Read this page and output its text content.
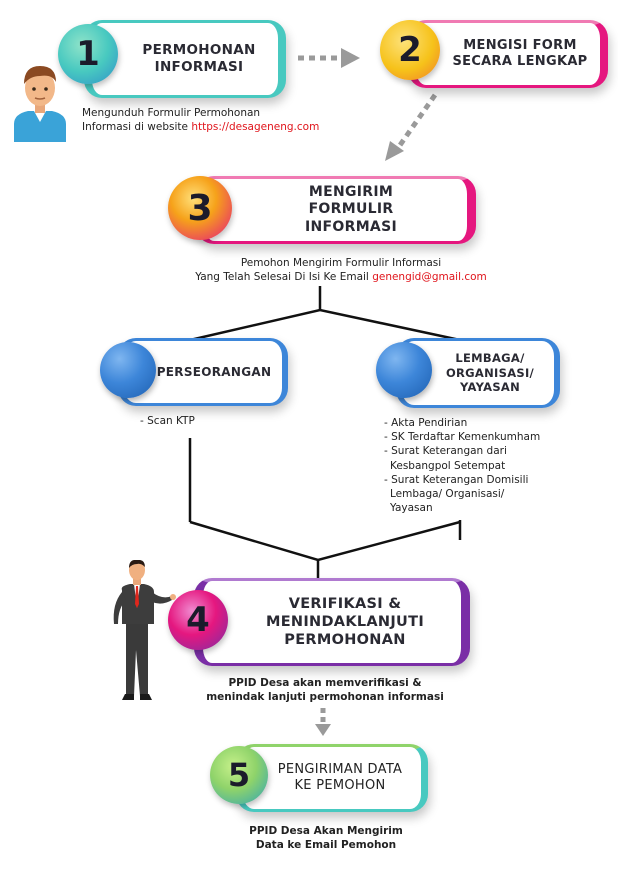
PERMOHONAN INFORMASI
1
Mengunduh Formulir Permohonan
Informasi di website https://desageneng.com
MENGISI FORM SECARA LENGKAP
2
MENGIRIM FORMULIR INFORMASI
3
Pemohon Mengirim Formulir Informasi
Yang Telah Selesai Di Isi Ke Email genengid@gmail.com
PERSEORANGAN
- Scan KTP
LEMBAGA/ ORGANISASI/ YAYASAN
- Akta Pendirian
- SK Terdaftar Kemenkumham
- Surat Keterangan dari
Kesbangpol Setempat
- Surat Keterangan Domisili
Lembaga/ Organisasi/
Yayasan
VERIFIKASI & MENINDAKLANJUTI PERMOHONAN
4
PPID Desa akan memverifikasi &
menindak lanjuti permohonan informasi
PENGIRIMAN DATA KE PEMOHON
5
PPID Desa Akan Mengirim
Data ke Email Pemohon
